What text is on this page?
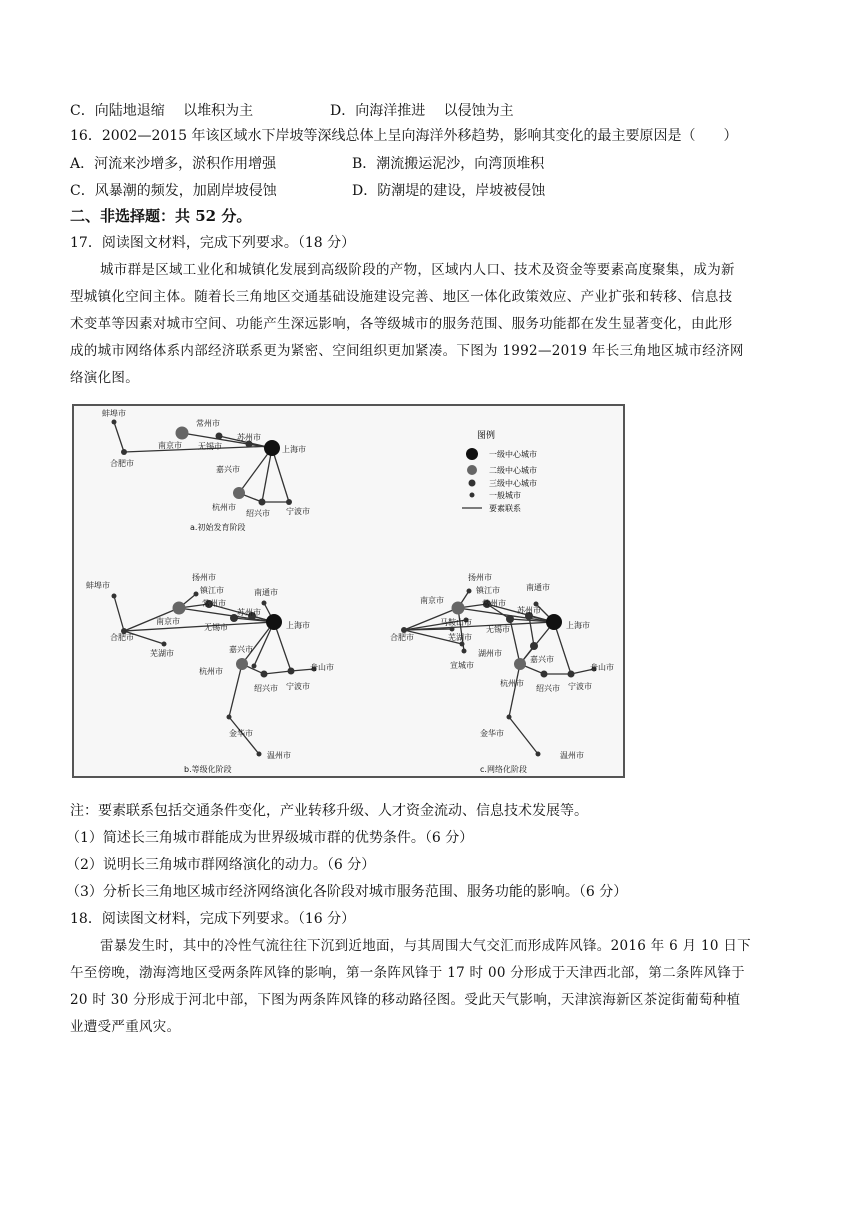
C．向陆地退缩　 以堆积为主	D．向海洋推进　 以侵蚀为主
16．2002—2015 年该区域水下岸坡等深线总体上呈向海洋外移趋势，影响其变化的最主要原因是（　　）
A．河流来沙增多，淤积作用增强	B．潮流搬运泥沙，向湾顶堆积
C．风暴潮的频发，加剧岸坡侵蚀	D．防潮堤的建设，岸坡被侵蚀
二、非选择题：共 52 分。
17．阅读图文材料，完成下列要求。（18 分）
城市群是区域工业化和城镇化发展到高级阶段的产物，区域内人口、技术及资金等要素高度聚集，成为新
型城镇化空间主体。随着长三角地区交通基础设施建设完善、地区一体化政策效应、产业扩张和转移、信息技
术变革等因素对城市空间、功能产生深远影响，各等级城市的服务范围、服务功能都在发生显著变化，由此形
成的城市网络体系内部经济联系更为紧密、空间组织更加紧凑。下图为 1992—2019 年长三角地区城市经济网
络演化图。
图例
一级中心城市
二级中心城市
三级中心城市
一般城市
要素联系
蚌埠市
常州市
苏州市
南京市 无锡市	上海市
合肥市
嘉兴市
杭州市
绍兴市 宁波市
a.初始发育阶段
扬州市
镇江市	南通市
蚌埠市
常州市
苏州市
南京市
无锡市	上海市
合肥市
芜湖市	嘉兴市
杭州市	舟山市
绍兴市 宁波市
金华市
温州市
b.等级化阶段
扬州市
南通市
南京市
镇江市
常州市
苏州市
马鞍山市
无锡市	上海市
合肥市	芜湖市
湖州市
嘉兴市
宣城市	舟山市
杭州市
绍兴市 宁波市
金华市
温州市
c.网络化阶段
注：要素联系包括交通条件变化，产业转移升级、人才资金流动、信息技术发展等。
（1）简述长三角城市群能成为世界级城市群的优势条件。（6 分）
（2）说明长三角城市群网络演化的动力。（6 分）
（3）分析长三角地区城市经济网络演化各阶段对城市服务范围、服务功能的影响。（6 分）
18．阅读图文材料，完成下列要求。（16 分）
雷暴发生时，其中的冷性气流往往下沉到近地面，与其周围大气交汇而形成阵风锋。2016 年 6 月 10 日下
午至傍晚，渤海湾地区受两条阵风锋的影响，第一条阵风锋于 17 时 00 分形成于天津西北部，第二条阵风锋于
20 时 30 分形成于河北中部，下图为两条阵风锋的移动路径图。受此天气影响，天津滨海新区茶淀街葡萄种植
业遭受严重风灾。
